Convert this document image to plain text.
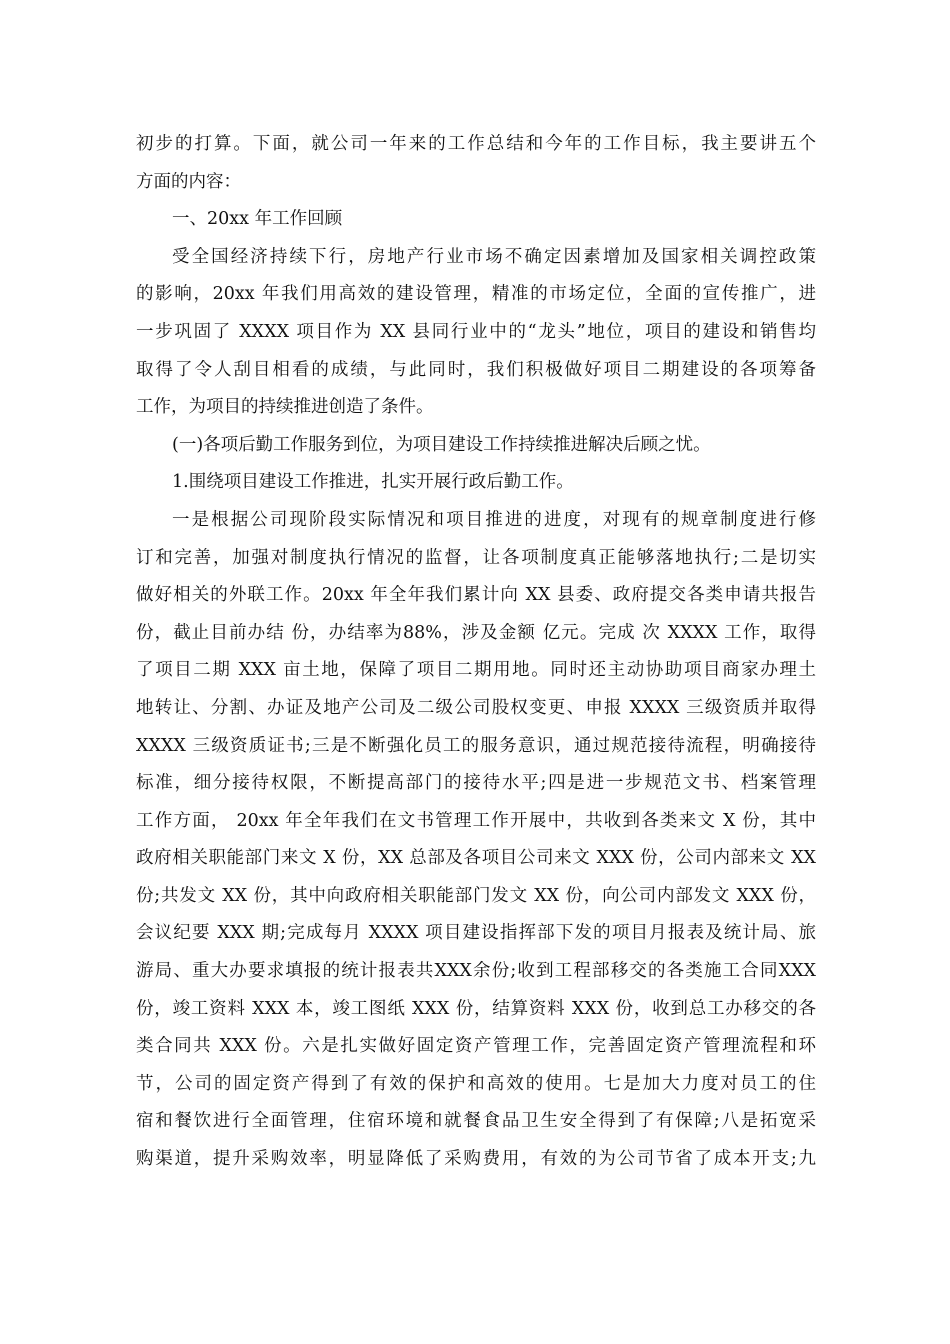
初步的打算。下面，就公司一年来的工作总结和今年的工作目标，我主要讲五个
方面的内容：
一、20xx 年工作回顾
受全国经济持续下行，房地产行业市场不确定因素增加及国家相关调控政策
的影响，20xx 年我们用高效的建设管理，精准的市场定位，全面的宣传推广，进
一步巩固了 XXXX 项目作为 XX 县同行业中的“龙头”地位，项目的建设和销售均
取得了令人刮目相看的成绩，与此同时，我们积极做好项目二期建设的各项筹备
工作，为项目的持续推进创造了条件。
(一)各项后勤工作服务到位，为项目建设工作持续推进解决后顾之忧。
1.围绕项目建设工作推进，扎实开展行政后勤工作。
一是根据公司现阶段实际情况和项目推进的进度，对现有的规章制度进行修
订和完善，加强对制度执行情况的监督，让各项制度真正能够落地执行;二是切实
做好相关的外联工作。20xx 年全年我们累计向 XX 县委、政府提交各类申请共报告
份，截止目前办结 份，办结率为88%，涉及金额 亿元。完成 次 XXXX 工作，取得
了项目二期 XXX 亩土地，保障了项目二期用地。同时还主动协助项目商家办理土
地转让、分割、办证及地产公司及二级公司股权变更、申报 XXXX 三级资质并取得
XXXX 三级资质证书;三是不断强化员工的服务意识，通过规范接待流程，明确接待
标准，细分接待权限，不断提高部门的接待水平;四是进一步规范文书、档案管理
工作方面， 20xx 年全年我们在文书管理工作开展中，共收到各类来文 X 份，其中
政府相关职能部门来文 X 份，XX 总部及各项目公司来文 XXX 份，公司内部来文 XX
份;共发文 XX 份，其中向政府相关职能部门发文 XX 份，向公司内部发文 XXX 份，
会议纪要 XXX 期;完成每月 XXXX 项目建设指挥部下发的项目月报表及统计局、旅
游局、重大办要求填报的统计报表共XXX余份;收到工程部移交的各类施工合同XXX
份，竣工资料 XXX 本，竣工图纸 XXX 份，结算资料 XXX 份，收到总工办移交的各
类合同共 XXX 份。六是扎实做好固定资产管理工作，完善固定资产管理流程和环
节，公司的固定资产得到了有效的保护和高效的使用。七是加大力度对员工的住
宿和餐饮进行全面管理，住宿环境和就餐食品卫生安全得到了有保障;八是拓宽采
购渠道，提升采购效率，明显降低了采购费用，有效的为公司节省了成本开支;九
